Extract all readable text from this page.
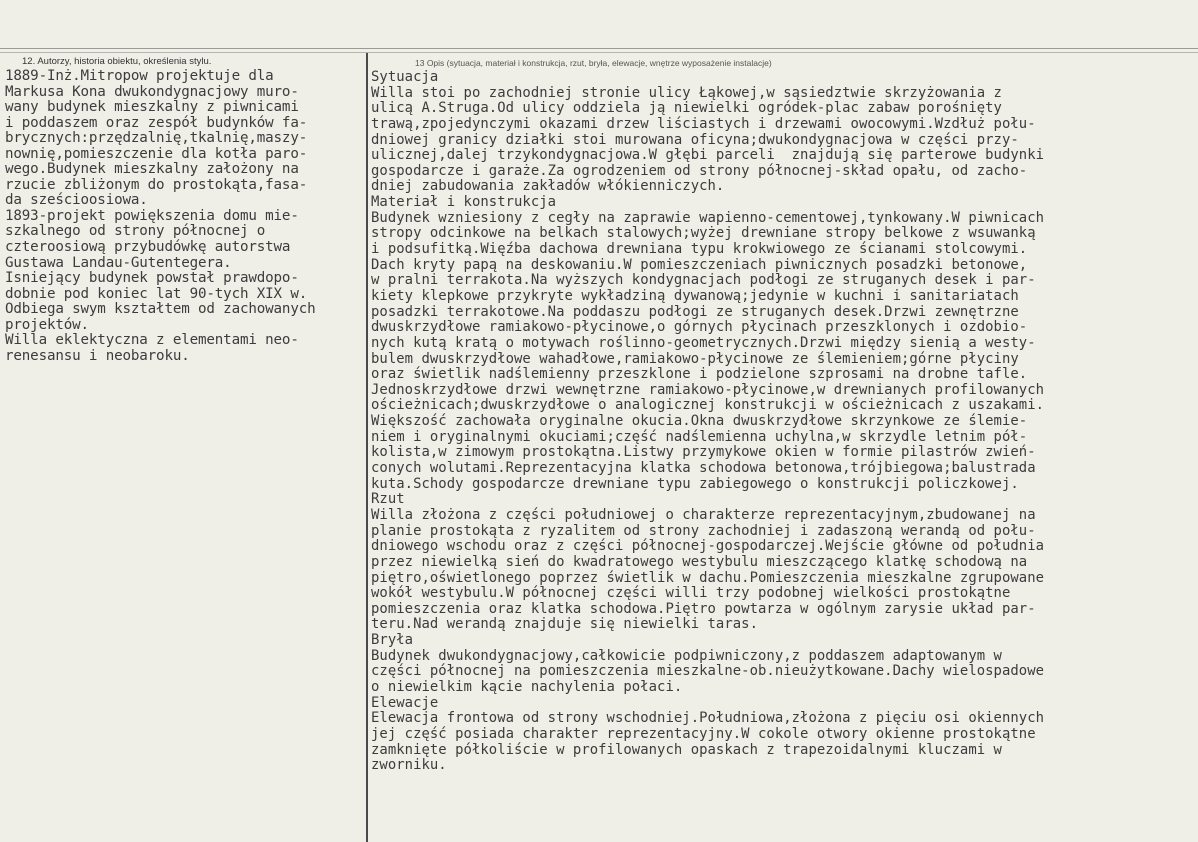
12. Autorzy, historia obiektu, określenia stylu.	13 Opis (sytuacja, materiał i konstrukcja, rzut, bryła, elewacje, wnętrze wyposażenie instalacje)
1889-Inż.Mitropow projektuje dla
Markusa Kona dwukondygnacjowy muro-
wany budynek mieszkalny z piwnicami
i poddaszem oraz zespół budynków fa-
brycznych:przędzalnię,tkalnię,maszy-
nownię,pomieszczenie dla kotła paro-
wego.Budynek mieszkalny założony na
rzucie zbliżonym do prostokąta,fasa-
da sześcioosiowa.
1893-projekt powiększenia domu mie-
szkalnego od strony północnej o
czteroosiową przybudówkę autorstwa
Gustawa Landau-Gutentegera.
Isniejący budynek powstał prawdopo-
dobnie pod koniec lat 90-tych XIX w.
Odbiega swym kształtem od zachowanych
projektów.
Willa eklektyczna z elementami neo-
renesansu i neobaroku.
Sytuacja
Willa stoi po zachodniej stronie ulicy Łąkowej,w sąsiedztwie skrzyżowania z
ulicą A.Struga.Od ulicy oddziela ją niewielki ogródek-plac zabaw porośnięty
trawą,zpojedynczymi okazami drzew liściastych i drzewami owocowymi.Wzdłuż połu-
dniowej granicy działki stoi murowana oficyna;dwukondygnacjowa w części przy-
ulicznej,dalej trzykondygnacjowa.W głębi parceli  znajdują się parterowe budynki
gospodarcze i garaże.Za ogrodzeniem od strony północnej-skład opału, od zacho-
dniej zabudowania zakładów włókienniczych.
Materiał i konstrukcja
Budynek wzniesiony z cegły na zaprawie wapienno-cementowej,tynkowany.W piwnicach
stropy odcinkowe na belkach stalowych;wyżej drewniane stropy belkowe z wsuwanką
i podsufitką.Więźba dachowa drewniana typu krokwiowego ze ścianami stolcowymi.
Dach kryty papą na deskowaniu.W pomieszczeniach piwnicznych posadzki betonowe,
w pralni terrakota.Na wyższych kondygnacjach podłogi ze struganych desek i par-
kiety klepkowe przykryte wykładziną dywanową;jedynie w kuchni i sanitariatach
posadzki terrakotowe.Na poddaszu podłogi ze struganych desek.Drzwi zewnętrzne
dwuskrzydłowe ramiakowo-płycinowe,o górnych płycinach przeszklonych i ozdobio-
nych kutą kratą o motywach roślinno-geometrycznych.Drzwi między sienią a westy-
bulem dwuskrzydłowe wahadłowe,ramiakowo-płycinowe ze ślemieniem;górne płyciny
oraz świetlik nadślemienny przeszklone i podzielone szprosami na drobne tafle.
Jednoskrzydłowe drzwi wewnętrzne ramiakowo-płycinowe,w drewnianych profilowanych
ościeżnicach;dwuskrzydłowe o analogicznej konstrukcji w ościeżnicach z uszakami.
Większość zachowała oryginalne okucia.Okna dwuskrzydłowe skrzynkowe ze ślemie-
niem i oryginalnymi okuciami;część nadślemienna uchylna,w skrzydle letnim pół-
kolista,w zimowym prostokątna.Listwy przymykowe okien w formie pilastrów zwień-
conych wolutami.Reprezentacyjna klatka schodowa betonowa,trójbiegowa;balustrada
kuta.Schody gospodarcze drewniane typu zabiegowego o konstrukcji policzkowej.
Rzut
Willa złożona z części południowej o charakterze reprezentacyjnym,zbudowanej na
planie prostokąta z ryzalitem od strony zachodniej i zadaszoną werandą od połu-
dniowego wschodu oraz z części północnej-gospodarczej.Wejście główne od południa
przez niewielką sień do kwadratowego westybulu mieszczącego klatkę schodową na
piętro,oświetlonego poprzez świetlik w dachu.Pomieszczenia mieszkalne zgrupowane
wokół westybulu.W północnej części willi trzy podobnej wielkości prostokątne
pomieszczenia oraz klatka schodowa.Piętro powtarza w ogólnym zarysie układ par-
teru.Nad werandą znajduje się niewielki taras.
Bryła
Budynek dwukondygnacjowy,całkowicie podpiwniczony,z poddaszem adaptowanym w
części północnej na pomieszczenia mieszkalne-ob.nieużytkowane.Dachy wielospadowe
o niewielkim kącie nachylenia połaci.
Elewacje
Elewacja frontowa od strony wschodniej.Południowa,złożona z pięciu osi okiennych
jej część posiada charakter reprezentacyjny.W cokole otwory okienne prostokątne
zamknięte półkoliście w profilowanych opaskach z trapezoidalnymi kluczami w
zworniku.
